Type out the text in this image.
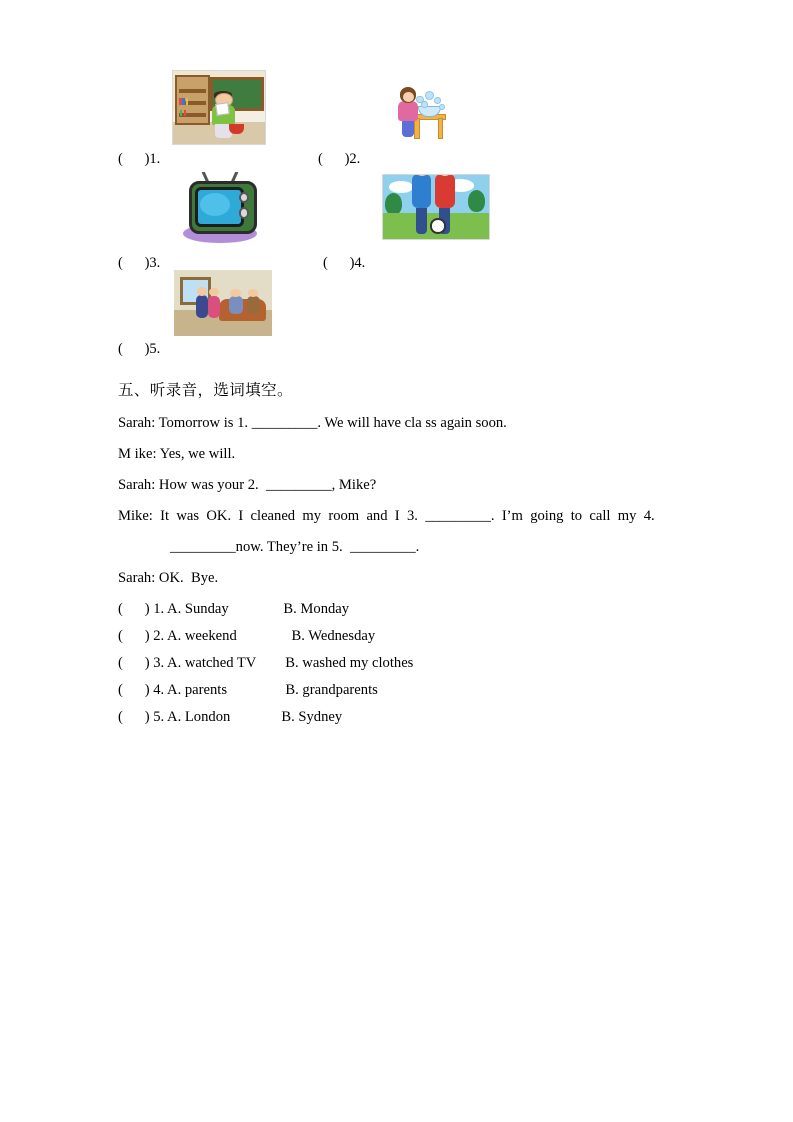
(      )1.	(      )2.
(      )3.	(      )4.
(      )5.
五、听录音，选词填空。
Sarah: Tomorrow is 1. _________. We will have cla ss again soon.
M ike: Yes, we will.
Sarah: How was your 2.  _________, Mike?
Mike:  It  was  OK.  I  cleaned  my  room  and  I  3.  _________.  I’m  going  to  call  my  4.
_________now. They’re in 5.  _________.
Sarah: OK.  Bye.
(      ) 1. A. Sunday               B. Monday
(      ) 2. A. weekend               B. Wednesday
(      ) 3. A. watched TV        B. washed my clothes
(      ) 4. A. parents                B. grandparents
(      ) 5. A. London              B. Sydney
